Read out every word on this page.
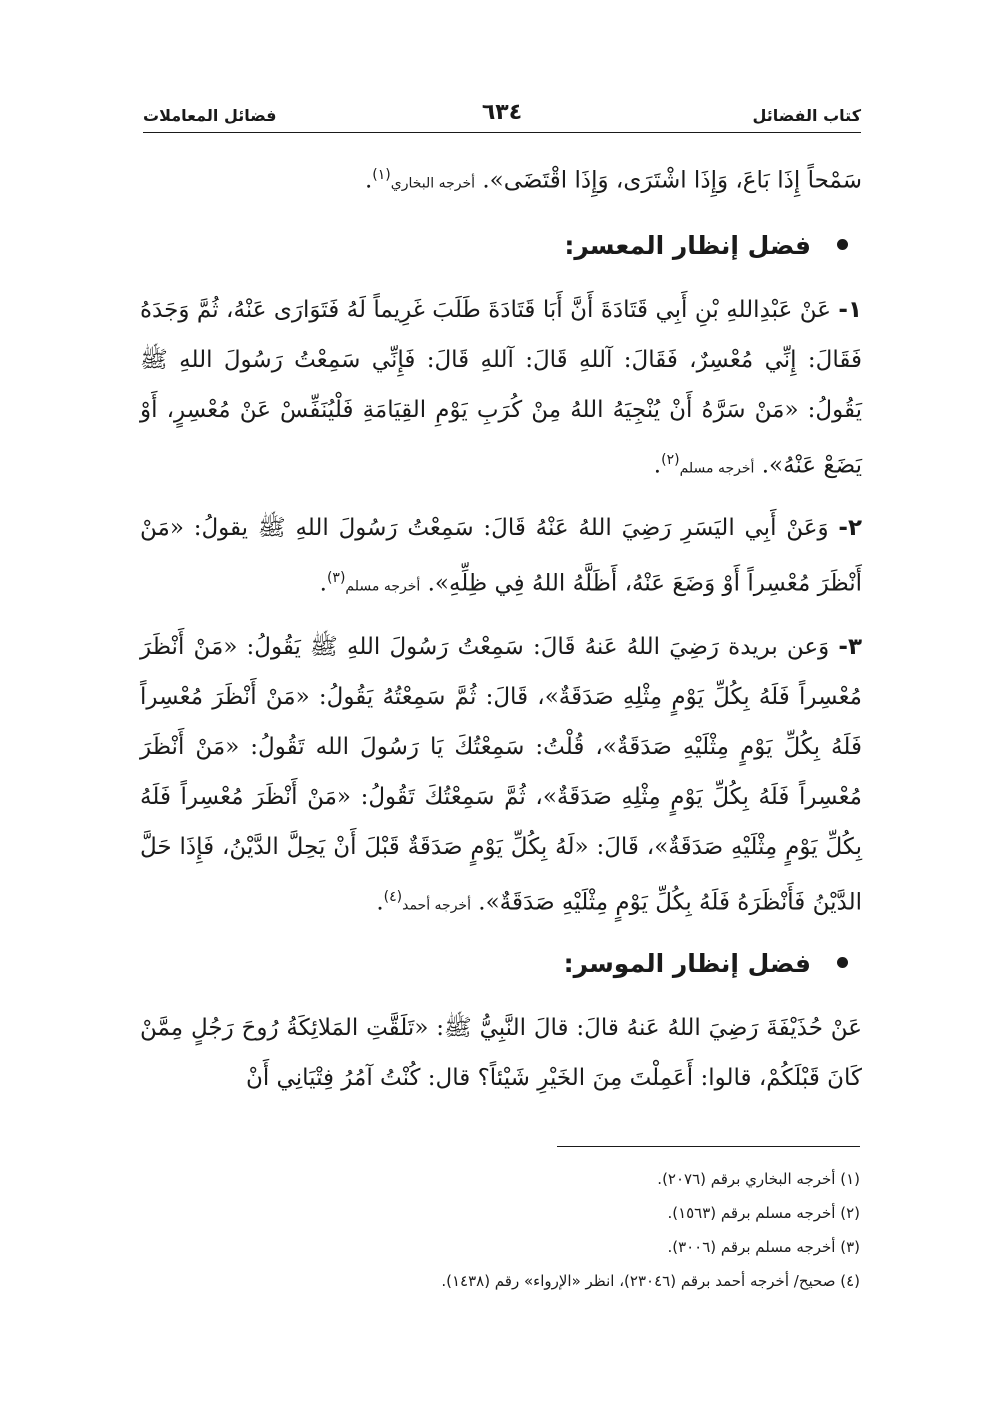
كتاب الفضائل
٦٣٤
فضائل المعاملات

سَمْحاً إِذَا بَاعَ، وَإِذَا اشْتَرَى، وَإِذَا اقْتَضَى». أخرجه البخاري$^{(١)}$.

فضل إنظار المعسر:

١- عَنْ عَبْدِاللهِ بْنِ أَبِي قَتَادَةَ أَنَّ أَبَا قَتَادَةَ طَلَبَ غَرِيماً لَهُ فَتَوَارَى عَنْهُ، ثُمَّ وَجَدَهُ فَقَالَ: إِنِّي مُعْسِرٌ، فَقَالَ: آللهِ قَالَ: آللهِ قَالَ: فَإِنِّي سَمِعْتُ رَسُولَ اللهِ ﷺ يَقُولُ: «مَنْ سَرَّهُ أَنْ يُنْجِيَهُ اللهُ مِنْ كُرَبِ يَوْمِ القِيَامَةِ فَلْيُنَفِّسْ عَنْ مُعْسِرٍ، أَوْ يَضَعْ عَنْهُ». أخرجه مسلم$^{(٢)}$.

٢- وَعَنْ أَبِي اليَسَرِ رَضِيَ اللهُ عَنْهُ قَالَ: سَمِعْتُ رَسُولَ اللهِ ﷺ يقولُ: «مَنْ أَنْظَرَ مُعْسِراً أَوْ وَضَعَ عَنْهُ، أَظَلَّهُ اللهُ فِي ظِلِّهِ». أخرجه مسلم$^{(٣)}$.

٣- وَعن بريدة رَضِيَ اللهُ عَنهُ قَالَ: سَمِعْتُ رَسُولَ اللهِ ﷺ يَقُولُ: «مَنْ أَنْظَرَ مُعْسِراً فَلَهُ بِكُلِّ يَوْمٍ مِثْلِهِ صَدَقَةٌ»، قَالَ: ثُمَّ سَمِعْتُهُ يَقُولُ: «مَنْ أَنْظَرَ مُعْسِراً فَلَهُ بِكُلِّ يَوْمٍ مِثْلَيْهِ صَدَقَةٌ»، قُلْتُ: سَمِعْتُكَ يَا رَسُولَ الله تَقُولُ: «مَنْ أَنْظَرَ مُعْسِراً فَلَهُ بِكُلِّ يَوْمٍ مِثْلِهِ صَدَقَةٌ»، ثُمَّ سَمِعْتُكَ تَقُولُ: «مَنْ أَنْظَرَ مُعْسِراً فَلَهُ بِكُلِّ يَوْمٍ مِثْلَيْهِ صَدَقَةٌ»، قَالَ: «لَهُ بِكُلِّ يَوْمٍ صَدَقَةٌ قَبْلَ أَنْ يَحِلَّ الدَّيْنُ، فَإِذَا حَلَّ الدَّيْنُ فَأَنْظَرَهُ فَلَهُ بِكُلِّ يَوْمٍ مِثْلَيْهِ صَدَقَةٌ». أخرجه أحمد$^{(٤)}$.

فضل إنظار الموسر:

عَنْ حُذَيْفَةَ رَضِيَ اللهُ عَنهُ قالَ: قالَ النَّبِيُّ ﷺ: «تَلَقَّتِ المَلائِكَةُ رُوحَ رَجُلٍ مِمَّنْ كَانَ قَبْلَكُمْ، قالوا: أَعَمِلْتَ مِنَ الخَيْرِ شَيْئاً؟ قال: كُنْتُ آمُرُ فِتْيَانِي أَنْ

(١) أخرجه البخاري برقم (٢٠٧٦).

(٢) أخرجه مسلم برقم (١٥٦٣).

(٣) أخرجه مسلم برقم (٣٠٠٦).

(٤) صحيح/ أخرجه أحمد برقم (٢٣٠٤٦)، انظر «الإرواء» رقم (١٤٣٨).
